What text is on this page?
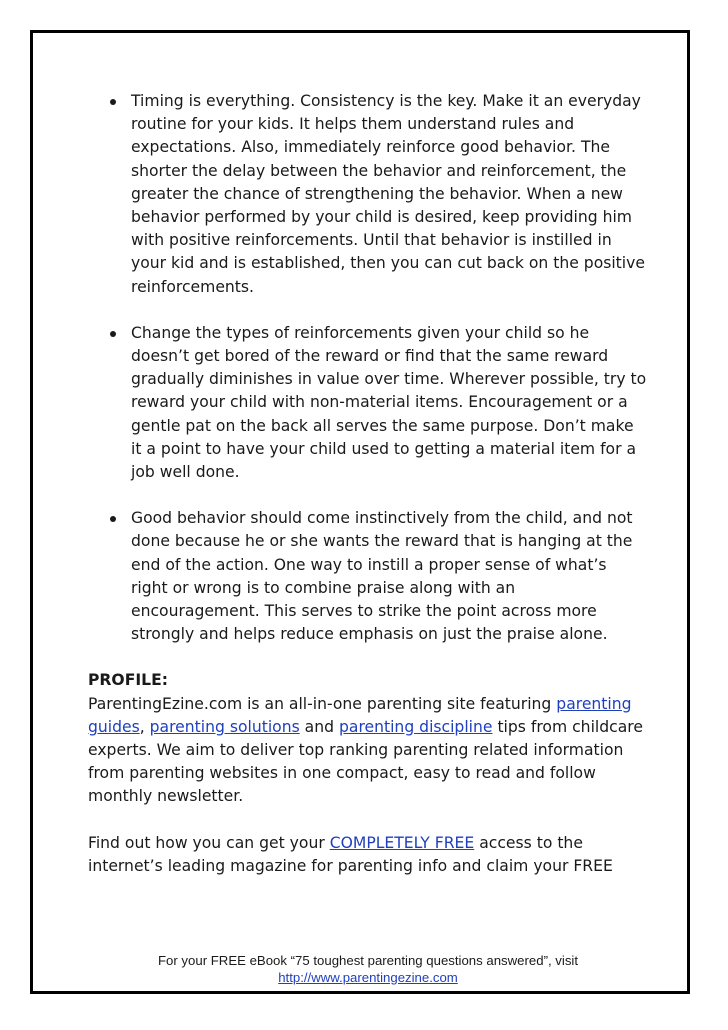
Timing is everything. Consistency is the key. Make it an everyday routine for your kids. It helps them understand rules and expectations. Also, immediately reinforce good behavior. The shorter the delay between the behavior and reinforcement, the greater the chance of strengthening the behavior. When a new behavior performed by your child is desired, keep providing him with positive reinforcements. Until that behavior is instilled in your kid and is established, then you can cut back on the positive reinforcements.
Change the types of reinforcements given your child so he doesn’t get bored of the reward or find that the same reward gradually diminishes in value over time. Wherever possible, try to reward your child with non-material items. Encouragement or a gentle pat on the back all serves the same purpose. Don’t make it a point to have your child used to getting a material item for a job well done.
Good behavior should come instinctively from the child, and not done because he or she wants the reward that is hanging at the end of the action. One way to instill a proper sense of what’s right or wrong is to combine praise along with an encouragement. This serves to strike the point across more strongly and helps reduce emphasis on just the praise alone.
PROFILE:
ParentingEzine.com is an all-in-one parenting site featuring parenting guides, parenting solutions and parenting discipline tips from childcare experts. We aim to deliver top ranking parenting related information from parenting websites in one compact, easy to read and follow monthly newsletter.
Find out how you can get your COMPLETELY FREE access to the internet’s leading magazine for parenting info and claim your FREE
For your FREE eBook “75 toughest parenting questions answered”, visit
http://www.parentingezine.com
